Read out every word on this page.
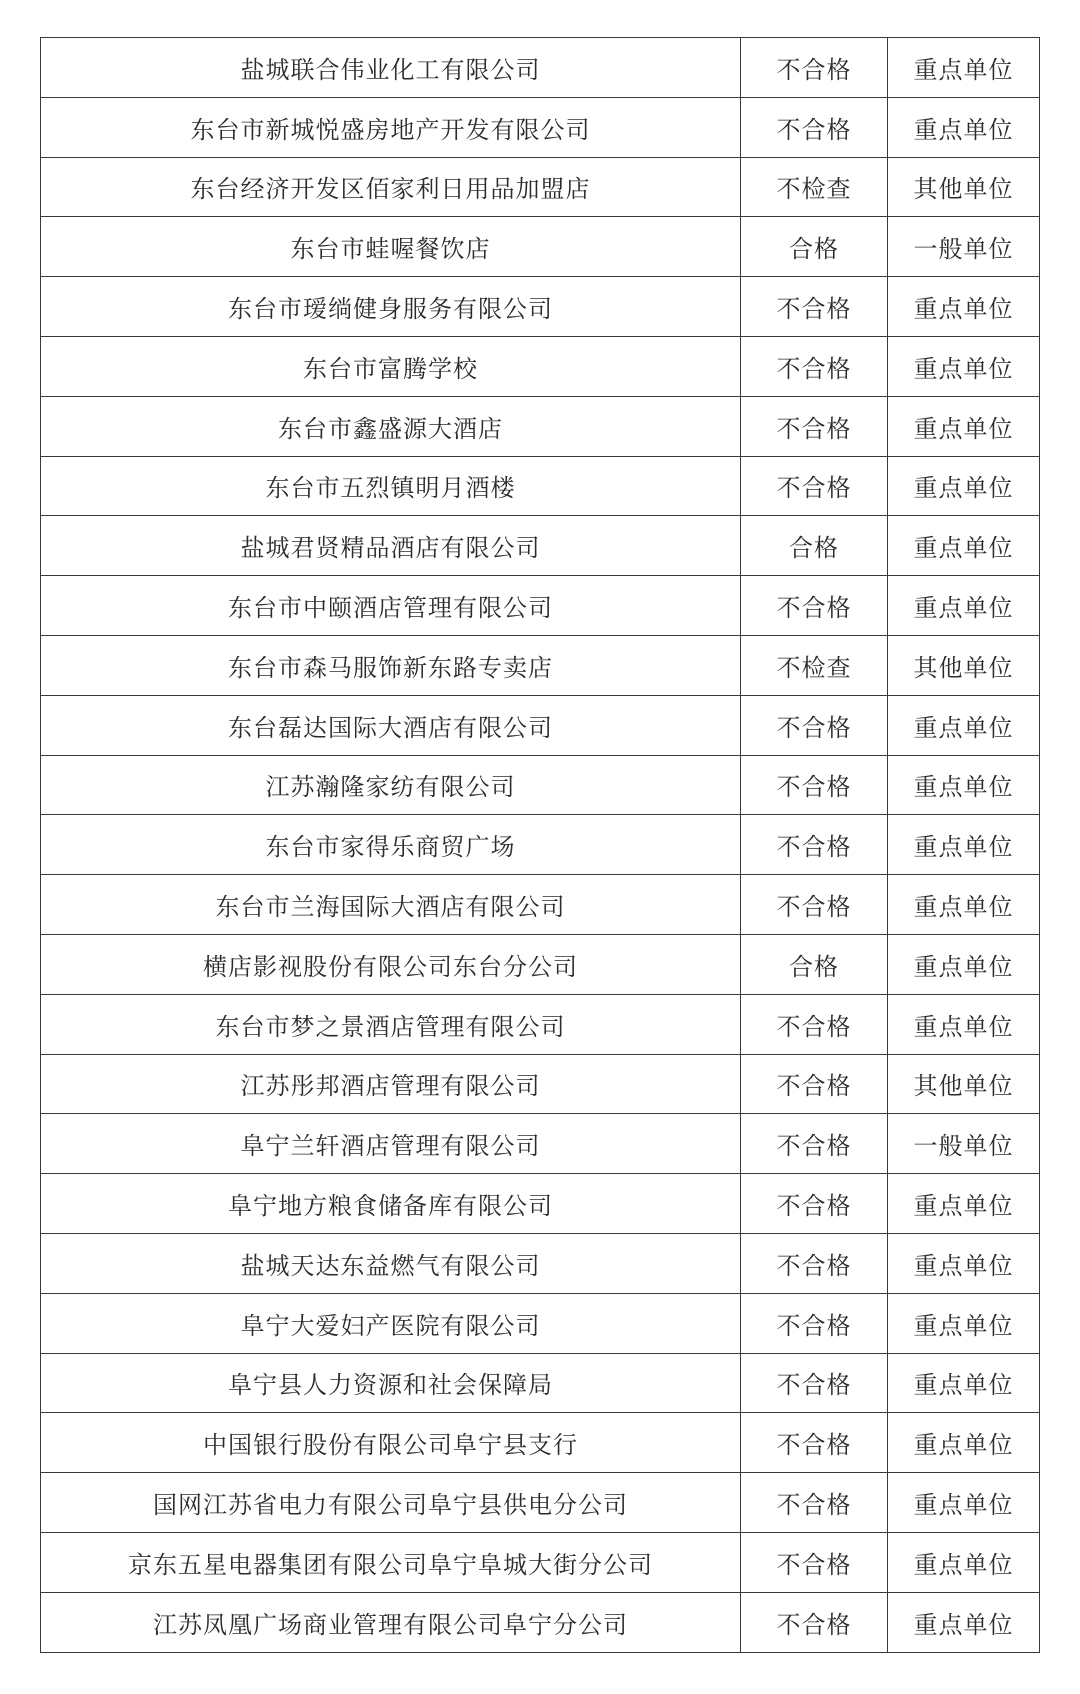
盐城联合伟业化工有限公司	不合格	重点单位
东台市新城悦盛房地产开发有限公司	不合格	重点单位
东台经济开发区佰家利日用品加盟店	不检查	其他单位
东台市蛙喔餐饮店	合格	一般单位
东台市瑷绱健身服务有限公司	不合格	重点单位
东台市富腾学校	不合格	重点单位
东台市鑫盛源大酒店	不合格	重点单位
东台市五烈镇明月酒楼	不合格	重点单位
盐城君贤精品酒店有限公司	合格	重点单位
东台市中颐酒店管理有限公司	不合格	重点单位
东台市森马服饰新东路专卖店	不检查	其他单位
东台磊达国际大酒店有限公司	不合格	重点单位
江苏瀚隆家纺有限公司	不合格	重点单位
东台市家得乐商贸广场	不合格	重点单位
东台市兰海国际大酒店有限公司	不合格	重点单位
横店影视股份有限公司东台分公司	合格	重点单位
东台市梦之景酒店管理有限公司	不合格	重点单位
江苏彤邦酒店管理有限公司	不合格	其他单位
阜宁兰轩酒店管理有限公司	不合格	一般单位
阜宁地方粮食储备库有限公司	不合格	重点单位
盐城天达东益燃气有限公司	不合格	重点单位
阜宁大爱妇产医院有限公司	不合格	重点单位
阜宁县人力资源和社会保障局	不合格	重点单位
中国银行股份有限公司阜宁县支行	不合格	重点单位
国网江苏省电力有限公司阜宁县供电分公司	不合格	重点单位
京东五星电器集团有限公司阜宁阜城大街分公司	不合格	重点单位
江苏凤凰广场商业管理有限公司阜宁分公司	不合格	重点单位
